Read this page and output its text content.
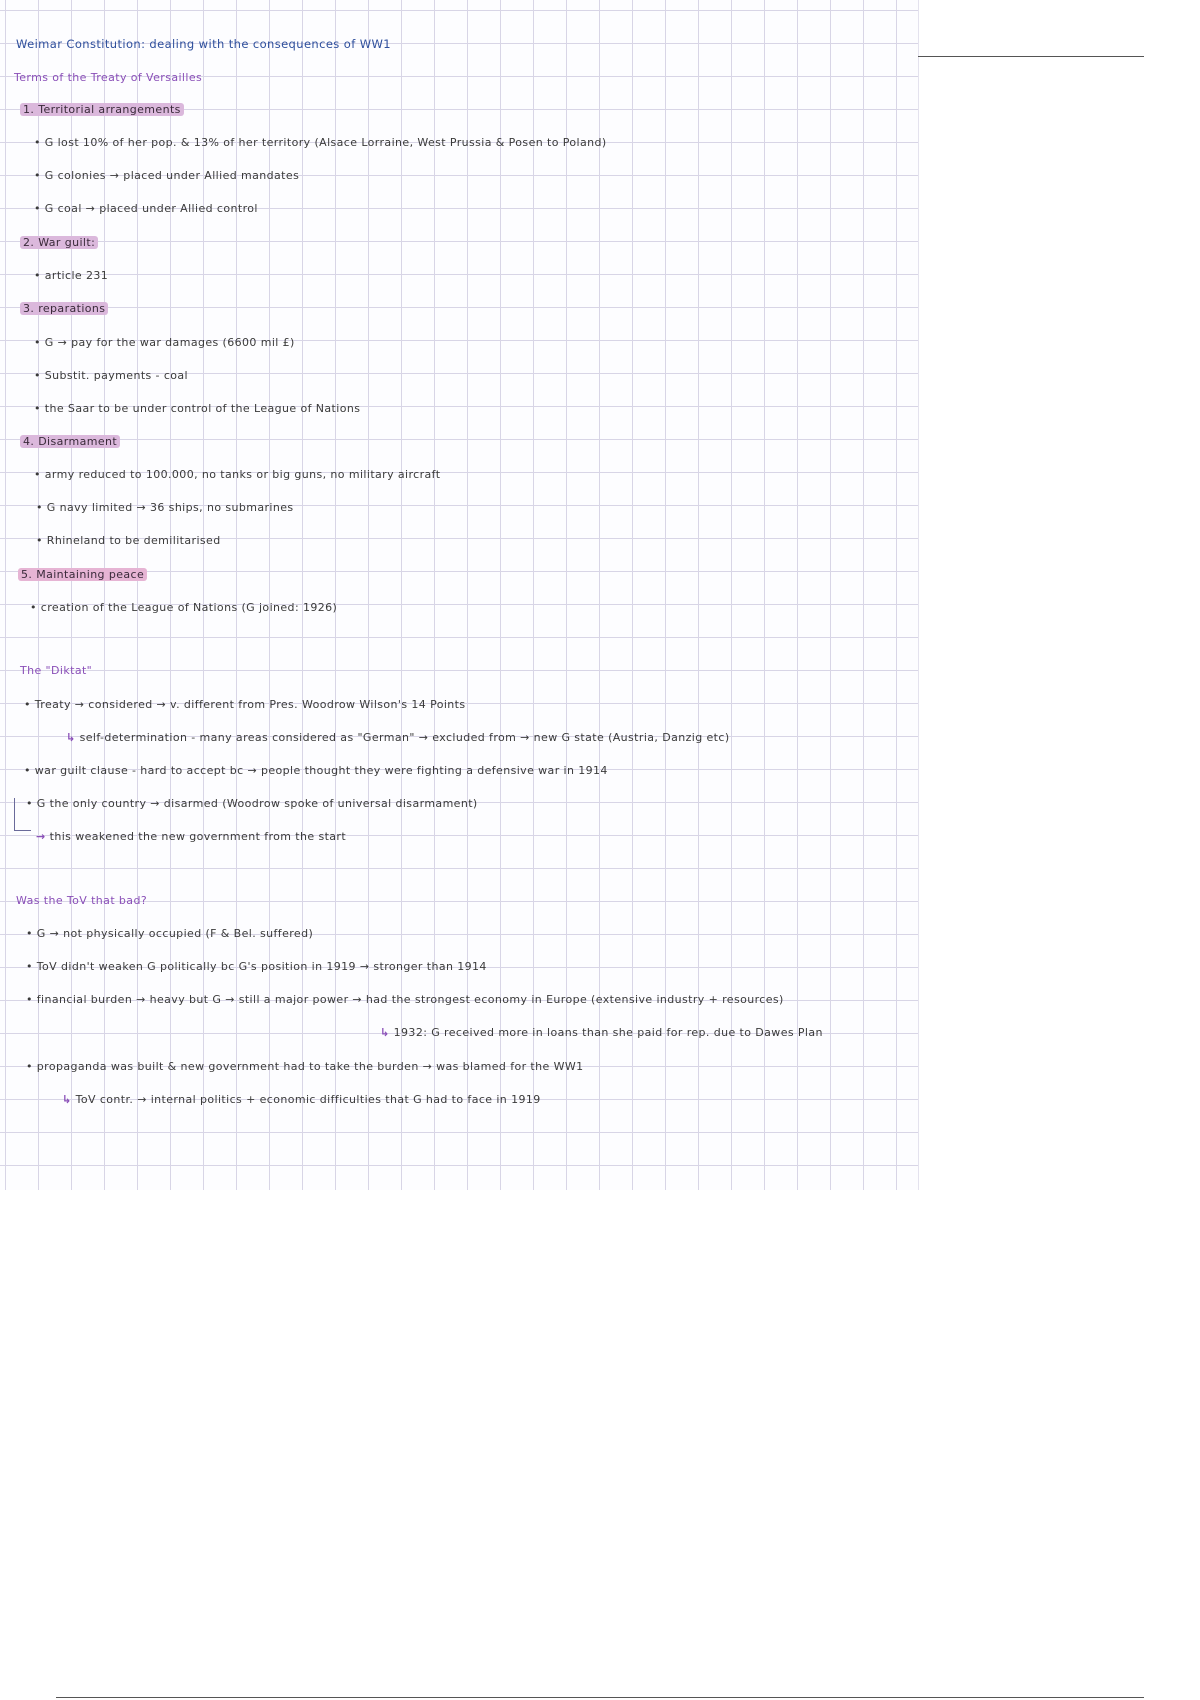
Weimar Constitution: dealing with the consequences of WW1
Terms of the Treaty of Versailles
1. Territorial arrangements
• G lost 10% of her pop. & 13% of her territory (Alsace Lorraine, West Prussia & Posen to Poland)
• G colonies → placed under Allied mandates
• G coal → placed under Allied control
2. War guilt:
• article 231
3. reparations
• G → pay for the war damages (6600 mil £)
• Substit. payments - coal
• the Saar to be under control of the League of Nations
4. Disarmament
• army reduced to 100.000, no tanks or big guns, no military aircraft
• G navy limited → 36 ships, no submarines
• Rhineland to be demilitarised
5. Maintaining peace
• creation of the League of Nations (G joined: 1926)
The "Diktat"
• Treaty → considered → v. different from Pres. Woodrow Wilson's 14 Points
↳ self-determination - many areas considered as "German" → excluded from → new G state (Austria, Danzig etc)
• war guilt clause - hard to accept bc → people thought they were fighting a defensive war in 1914
• G the only country → disarmed (Woodrow spoke of universal disarmament)
→ this weakened the new government from the start
Was the ToV that bad?
• G → not physically occupied (F & Bel. suffered)
• ToV didn't weaken G politically bc G's position in 1919 → stronger than 1914
• financial burden → heavy but G → still a major power → had the strongest economy in Europe (extensive industry + resources)
↳ 1932: G received more in loans than she paid for rep. due to Dawes Plan
• propaganda was built & new government had to take the burden → was blamed for the WW1
↳ ToV contr. → internal politics + economic difficulties that G had to face in 1919
